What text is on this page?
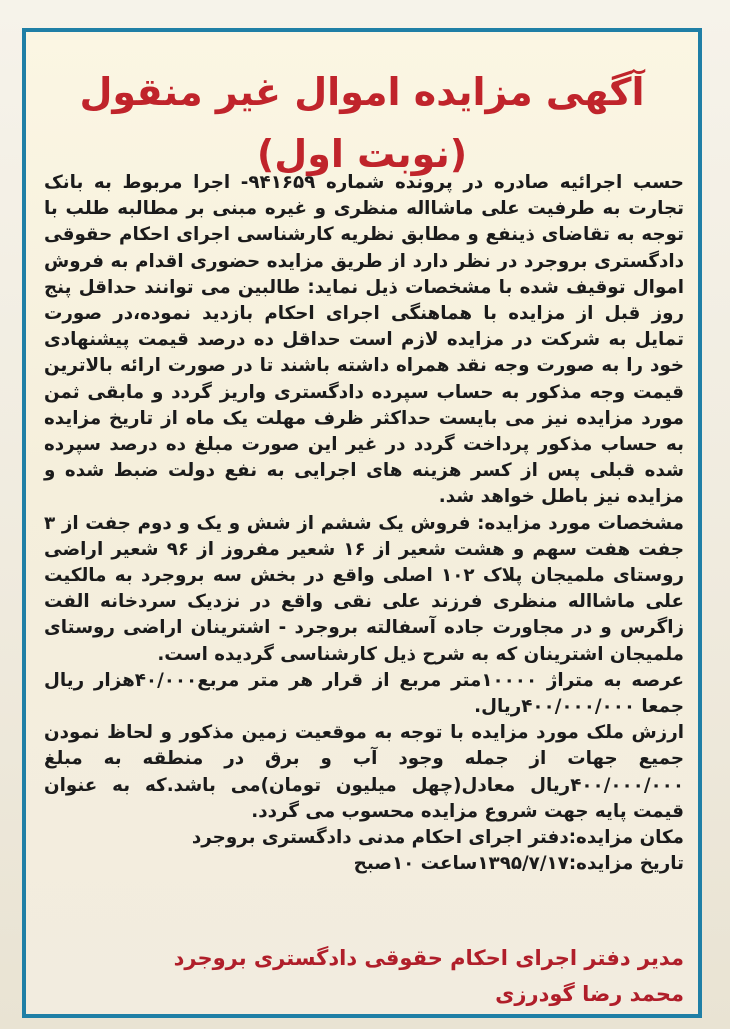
آگهی مزایده اموال غیر منقول
(نوبت اول)

حسب اجرائیه صادره در پرونده شماره ۹۴۱۶۵۹- اجرا مربوط به بانک تجارت به طرفیت علی ماشااله منظری و غیره مبنی بر مطالبه طلب با توجه به تقاضای ذینفع و مطابق نظریه کارشناسی اجرای احکام حقوقی دادگستری بروجرد در نظر دارد از طریق مزایده حضوری اقدام به فروش اموال توقیف شده با مشخصات ذیل نماید: طالبین می توانند حداقل پنج روز قبل از مزایده با هماهنگی اجرای احکام بازدید نموده،در صورت تمایل به شرکت در مزایده لازم است حداقل ده درصد قیمت پیشنهادی خود را به صورت وجه نقد همراه داشته باشند تا در صورت ارائه بالاترین قیمت وجه مذکور به حساب سپرده دادگستری واریز گردد و مابقی ثمن مورد مزایده نیز می بایست حداکثر ظرف مهلت یک ماه از تاریخ مزایده به حساب مذکور پرداخت گردد در غیر این صورت مبلغ ده درصد سپرده شده قبلی پس از کسر هزینه های اجرایی به نفع دولت ضبط شده و مزایده نیز باطل خواهد شد.

مشخصات مورد مزایده: فروش یک ششم از شش و یک و دوم جفت از ۳ جفت هفت سهم و هشت شعیر از ۱۶ شعیر مفروز از ۹۶ شعیر اراضی روستای ملمیجان پلاک ۱۰۲ اصلی واقع در بخش سه بروجرد به مالکیت علی ماشااله منظری فرزند علی نقی واقع در نزدیک سردخانه الفت زاگرس و در مجاورت جاده آسفالته بروجرد - اشترینان اراضی روستای ملمیجان اشترینان که به شرح ذیل کارشناسی گردیده است.

عرصه به متراژ ۱۰۰۰۰متر مربع از قرار هر متر مربع۴۰/۰۰۰هزار ریال جمعا ۴۰۰/۰۰۰/۰۰۰ریال.

ارزش ملک مورد مزایده با توجه به موقعیت زمین مذکور و لحاظ نمودن جمیع جهات از جمله وجود آب و برق در منطقه به مبلغ ۴۰۰/۰۰۰/۰۰۰ریال معادل(چهل میلیون تومان)می باشد.که به عنوان قیمت پایه جهت شروع مزایده محسوب می گردد.

مکان مزایده:دفتر اجرای احکام مدنی دادگستری بروجرد

تاریخ مزایده:۱۳۹۵/۷/۱۷ساعت ۱۰صبح

مدیر دفتر اجرای احکام حقوقی دادگستری بروجرد
محمد رضا گودرزی
